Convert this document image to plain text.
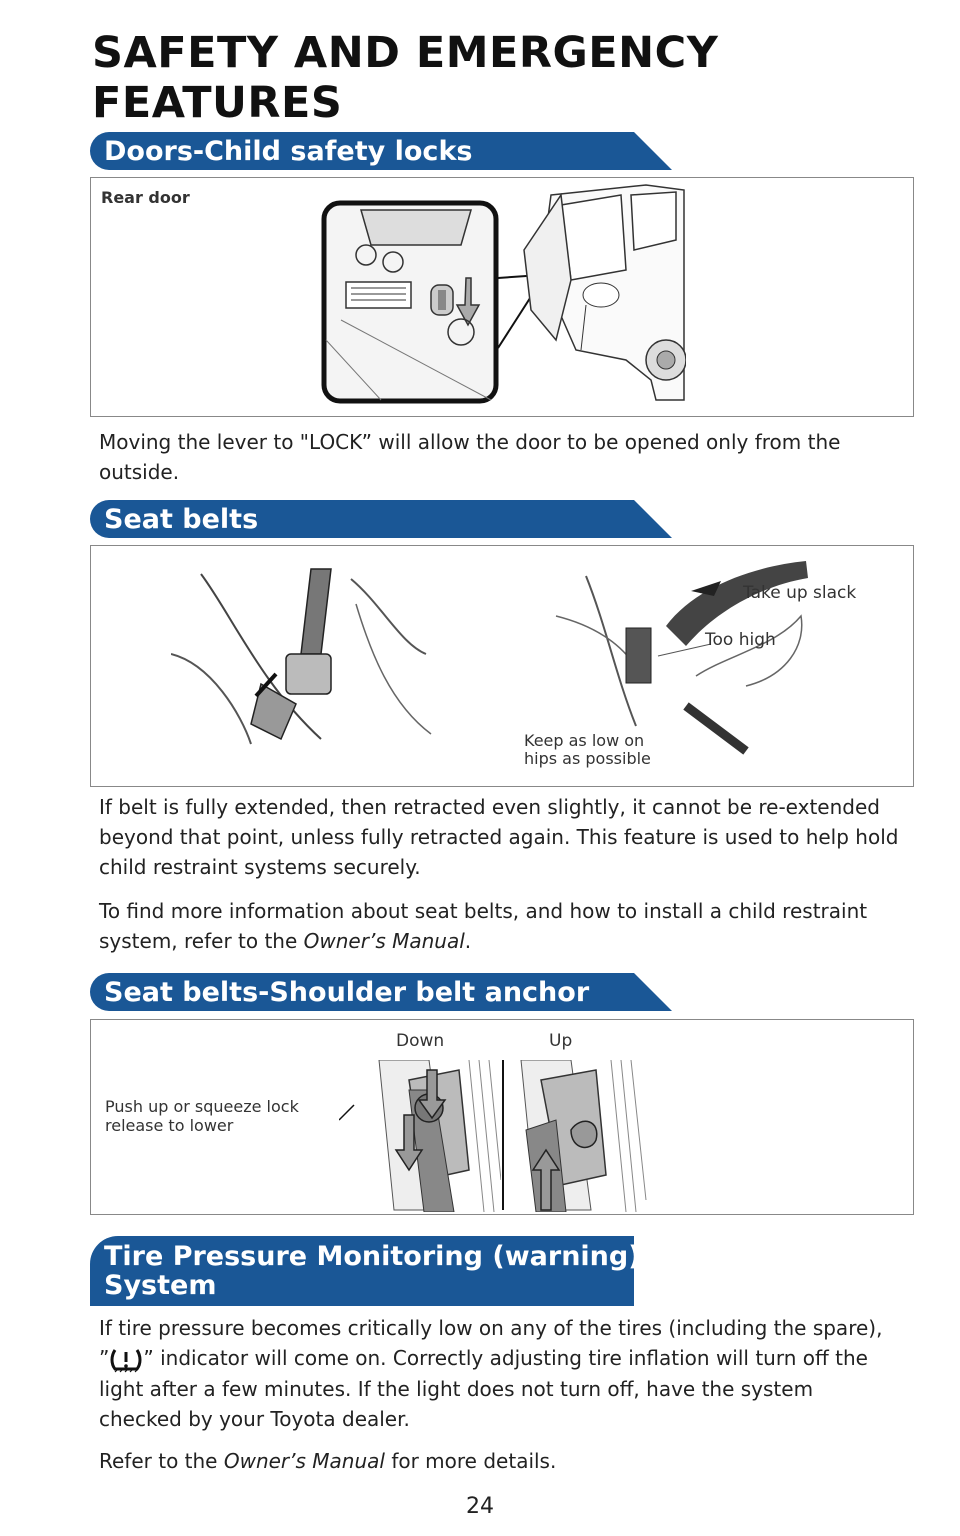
SAFETY AND EMERGENCY FEATURES
Doors-Child safety locks
Rear door

Moving the lever to "LOCK” will allow the door to be opened only from the outside.

Seat belts
Take up slack
Too high
Keep as low on
hips as possible

If belt is fully extended, then retracted even slightly, it cannot be re-extended beyond that point, unless fully retracted again. This feature is used to help hold child restraint systems securely.

To find more information about seat belts, and how to install a child restraint system, refer to the Owner’s Manual.

Seat belts-Shoulder belt anchor
Down	Up
Push up or squeeze lock
release to lower
Tire Pressure Monitoring (warning)
System

If tire pressure becomes critically low on any of the tires (including the spare), ” ” indicator will come on. Correctly adjusting tire inflation will turn off the light after a few minutes. If the light does not turn off, have the system checked by your Toyota dealer.

Refer to the Owner’s Manual for more details.

24
